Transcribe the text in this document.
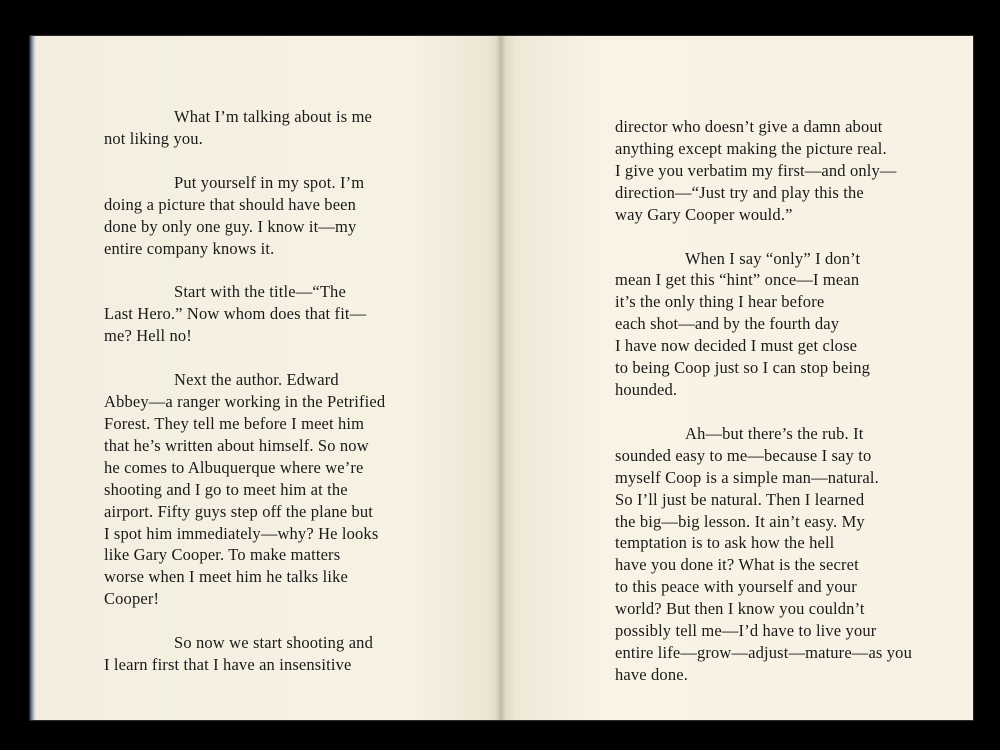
What I’m talking about is me
not liking you.

Put yourself in my spot. I’m
doing a picture that should have been
done by only one guy. I know it—my
entire company knows it.

Start with the title—“The
Last Hero.” Now whom does that fit—
me? Hell no!

Next the author. Edward
Abbey—a ranger working in the Petrified
Forest. They tell me before I meet him
that he’s written about himself. So now
he comes to Albuquerque where we’re
shooting and I go to meet him at the
airport. Fifty guys step off the plane but
I spot him immediately—why? He looks
like Gary Cooper. To make matters
worse when I meet him he talks like
Cooper!

So now we start shooting and
I learn first that I have an insensitive

director who doesn’t give a damn about
anything except making the picture real.
I give you verbatim my first—and only—
direction—“Just try and play this the
way Gary Cooper would.”

When I say “only” I don’t
mean I get this “hint” once—I mean
it’s the only thing I hear before
each shot—and by the fourth day
I have now decided I must get close
to being Coop just so I can stop being
hounded.

Ah—but there’s the rub. It
sounded easy to me—because I say to
myself Coop is a simple man—natural.
So I’ll just be natural. Then I learned
the big—big lesson. It ain’t easy. My
temptation is to ask how the hell
have you done it? What is the secret
to this peace with yourself and your
world? But then I know you couldn’t
possibly tell me—I’d have to live your
entire life—grow—adjust—mature—as you
have done.
